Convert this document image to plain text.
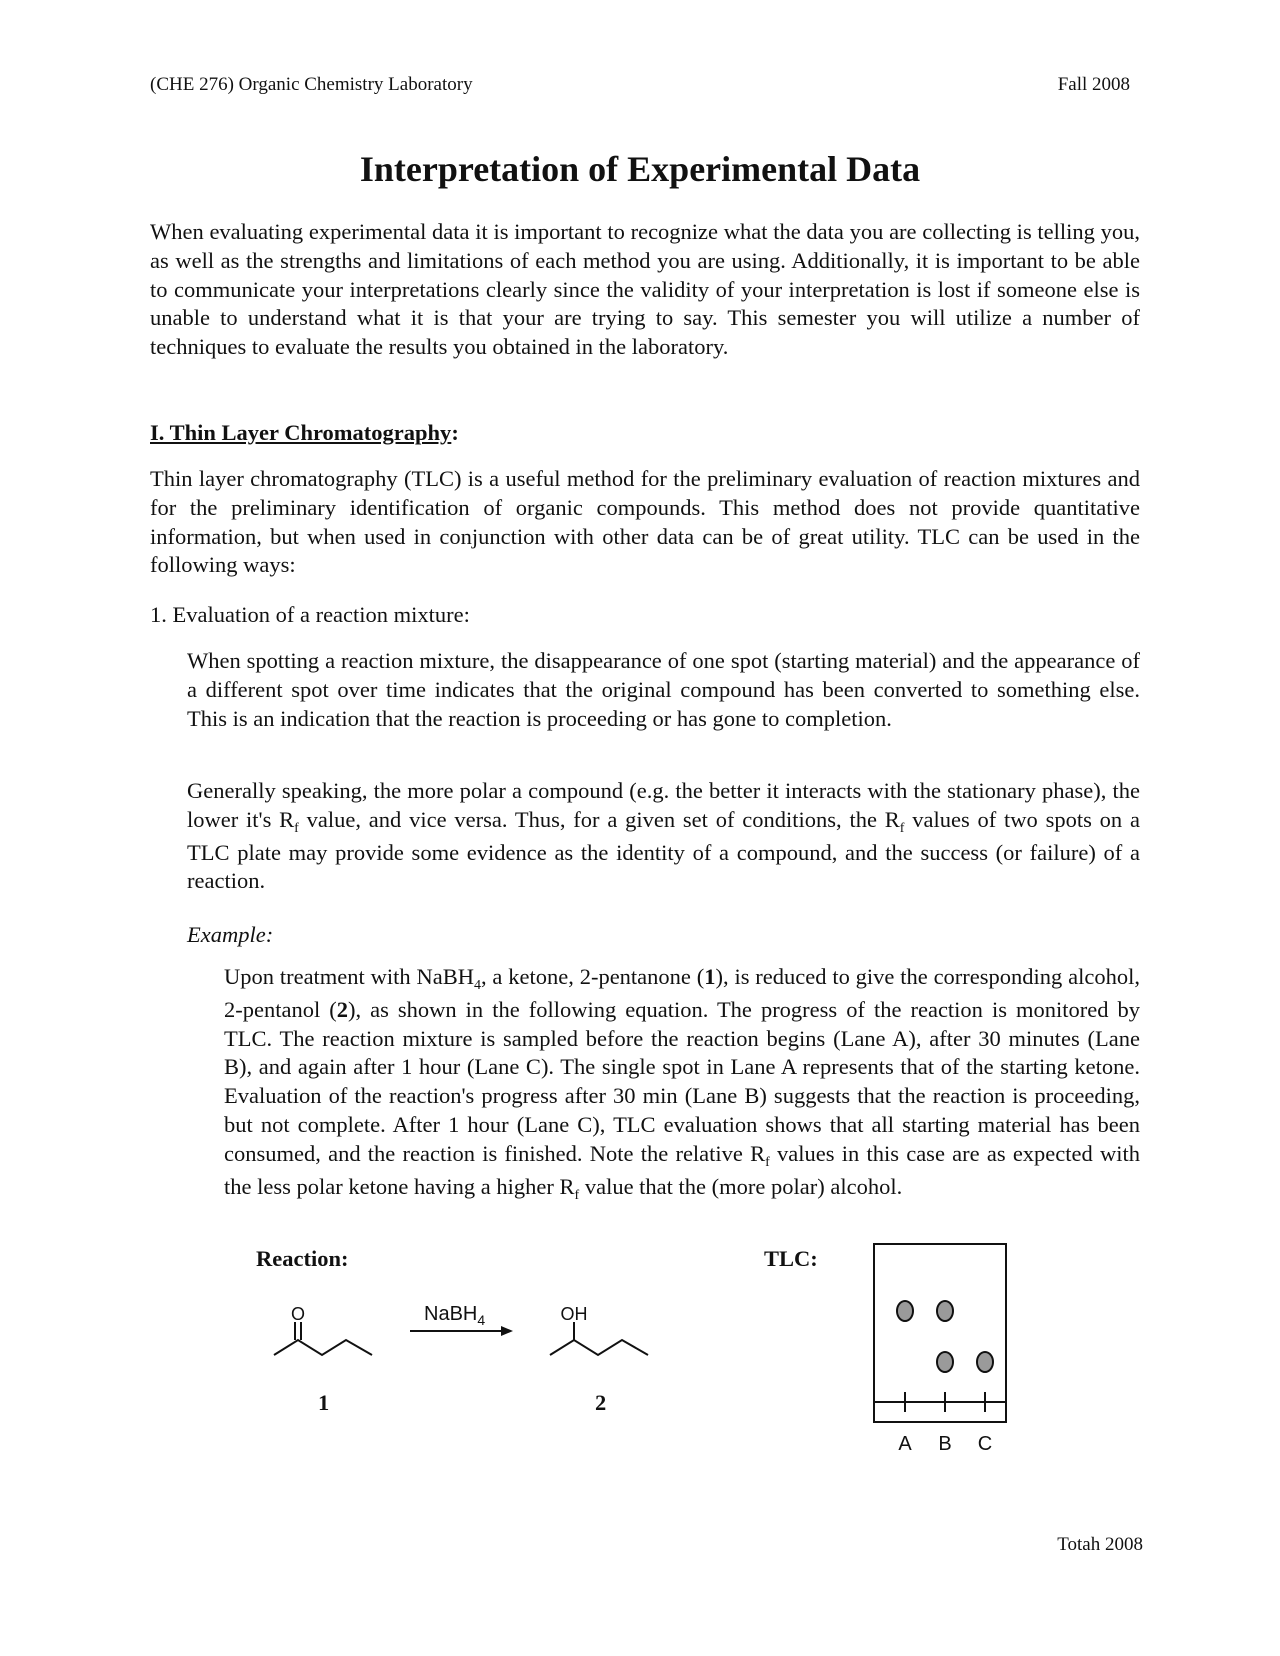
(CHE 276) Organic Chemistry Laboratory	Fall 2008
Interpretation of Experimental Data

When evaluating experimental data it is important to recognize what the data you are collecting is telling you, as well as the strengths and limitations of each method you are using. Additionally, it is important to be able to communicate your interpretations clearly since the validity of your interpretation is lost if someone else is unable to understand what it is that your are trying to say. This semester you will utilize a number of techniques to evaluate the results you obtained in the laboratory.

I. Thin Layer Chromatography:

Thin layer chromatography (TLC) is a useful method for the preliminary evaluation of reaction mixtures and for the preliminary identification of organic compounds. This method does not provide quantitative information, but when used in conjunction with other data can be of great utility. TLC can be used in the following ways:

1. Evaluation of a reaction mixture:

When spotting a reaction mixture, the disappearance of one spot (starting material) and the appearance of a different spot over time indicates that the original compound has been converted to something else. This is an indication that the reaction is proceeding or has gone to completion.

Generally speaking, the more polar a compound (e.g. the better it interacts with the stationary phase), the lower it's $R_f$ value, and vice versa. Thus, for a given set of conditions, the $R_f$ values of two spots on a TLC plate may provide some evidence as the identity of a compound, and the success (or failure) of a reaction.

Example:

Upon treatment with NaBH$_4$, a ketone, 2-pentanone (1), is reduced to give the corresponding alcohol, 2-pentanol (2), as shown in the following equation. The progress of the reaction is monitored by TLC. The reaction mixture is sampled before the reaction begins (Lane A), after 30 minutes (Lane B), and again after 1 hour (Lane C). The single spot in Lane A represents that of the starting ketone. Evaluation of the reaction's progress after 30 min (Lane B) suggests that the reaction is proceeding, but not complete. After 1 hour (Lane C), TLC evaluation shows that all starting material has been consumed, and the reaction is finished. Note the relative $R_f$ values in this case are as expected with the less polar ketone having a higher $R_f$ value that the (more polar) alcohol.

Reaction:	TLC:

O	NaBH$_4$	OH
A B C
1	2
Totah 2008
